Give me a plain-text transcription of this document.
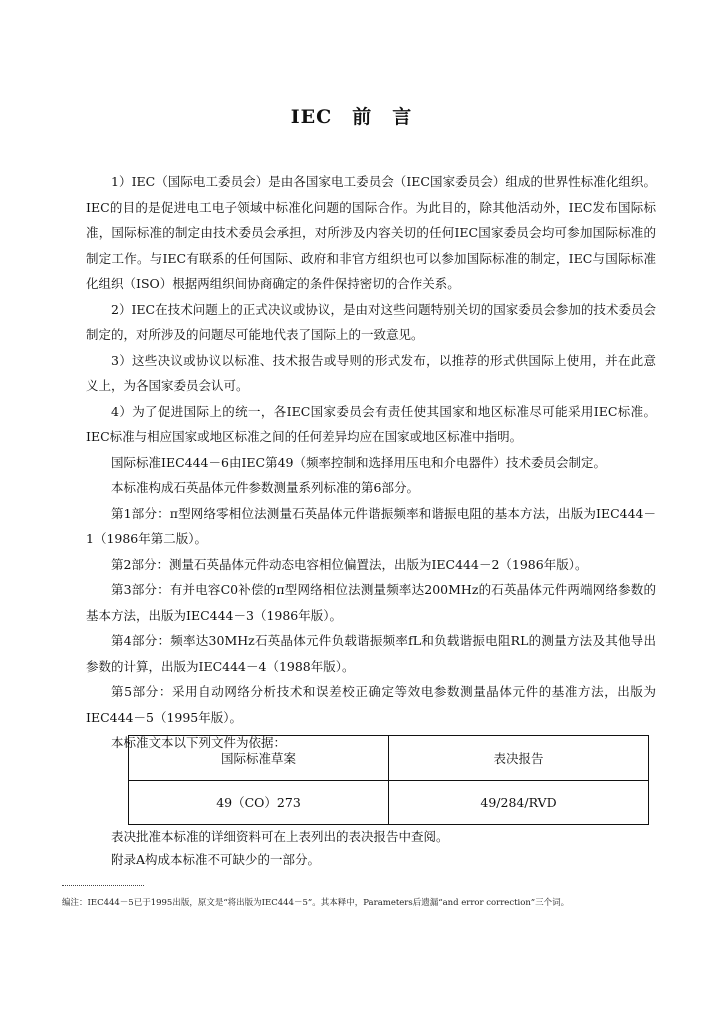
IEC 前 言

1）IEC（国际电工委员会）是由各国家电工委员会（IEC国家委员会）组成的世界性标准化组织。IEC的目的是促进电工电子领域中标准化问题的国际合作。为此目的，除其他活动外，IEC发布国际标准，国际标准的制定由技术委员会承担，对所涉及内容关切的任何IEC国家委员会均可参加国际标准的制定工作。与IEC有联系的任何国际、政府和非官方组织也可以参加国际标准的制定，IEC与国际标准化组织（ISO）根据两组织间协商确定的条件保持密切的合作关系。

2）IEC在技术问题上的正式决议或协议，是由对这些问题特别关切的国家委员会参加的技术委员会制定的，对所涉及的问题尽可能地代表了国际上的一致意见。

3）这些决议或协议以标准、技术报告或导则的形式发布，以推荐的形式供国际上使用，并在此意义上，为各国家委员会认可。

4）为了促进国际上的统一，各IEC国家委员会有责任使其国家和地区标准尽可能采用IEC标准。IEC标准与相应国家或地区标准之间的任何差异均应在国家或地区标准中指明。

国际标准IEC444－6由IEC第49（频率控制和选择用压电和介电器件）技术委员会制定。

本标准构成石英晶体元件参数测量系列标准的第6部分。

第1部分：π型网络零相位法测量石英晶体元件谐振频率和谐振电阻的基本方法，出版为IEC444－1（1986年第二版）。

第2部分：测量石英晶体元件动态电容相位偏置法，出版为IEC444－2（1986年版）。

第3部分：有并电容C0补偿的π型网络相位法测量频率达200MHz的石英晶体元件两端网络参数的基本方法，出版为IEC444－3（1986年版）。

第4部分：频率达30MHz石英晶体元件负载谐振频率fL和负载谐振电阻RL的测量方法及其他导出参数的计算，出版为IEC444－4（1988年版）。

第5部分：采用自动网络分析技术和误差校正确定等效电参数测量晶体元件的基准方法，出版为IEC444－5（1995年版）。

本标准文本以下列文件为依据：

国际标准草案	表决报告
49（CO）273	49/284/RVD

表决批准本标准的详细资料可在上表列出的表决报告中查阅。

附录A构成本标准不可缺少的一部分。

编注：IEC444－5已于1995出版，原文是“将出版为IEC444－5”。其本释中，Parameters后遗漏“and error correction”三个词。
